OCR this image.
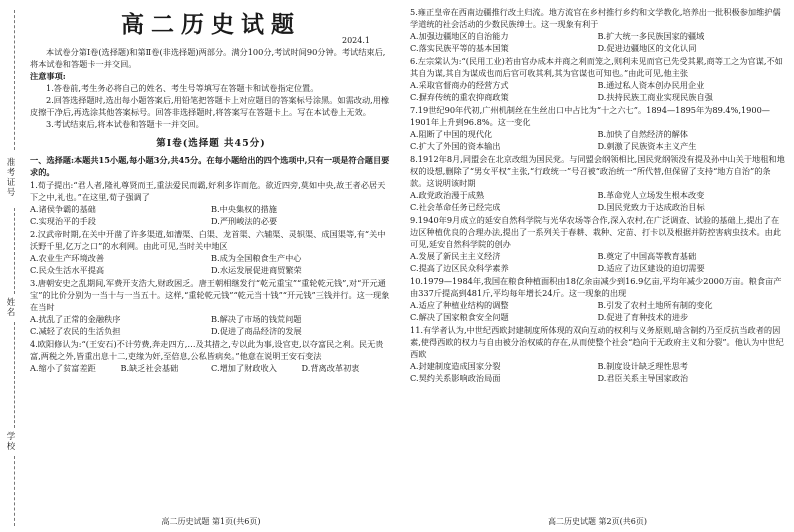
准考证号
姓名
学校
高二历史试题
2024.1

本试卷分第Ⅰ卷(选择题)和第Ⅱ卷(非选择题)两部分。满分100分,考试时间90分钟。考试结束后,将本试卷和答题卡一并交回。

注意事项:

1.答卷前,考生务必将自己的姓名、考生号等填写在答题卡和试卷指定位置。

2.回答选择题时,选出每小题答案后,用铅笔把答题卡上对应题目的答案标号涂黑。如需改动,用橡皮擦干净后,再选涂其他答案标号。回答非选择题时,将答案写在答题卡上。写在本试卷上无效。

3.考试结束后,将本试卷和答题卡一并交回。

第Ⅰ卷(选择题 共45分)

一、选择题:本题共15小题,每小题3分,共45分。在每小题给出的四个选项中,只有一项是符合题目要求的。

1.荀子提出:“君人者,隆礼尊贤而王,重法爱民而霸,好利多诈而危。欲近四旁,莫如中央,故王者必居天下之中,礼也。”在这里,荀子强调了

A.诸侯争霸的基础	B.中央集权的措施
C.实现治平的手段	D.严刑峻法的必要

2.汉武帝时期,在关中开凿了许多渠道,如漕渠、白渠、龙首渠、六辅渠、灵轵渠、成国渠等,有“关中沃野千里,亿万之口”的水利网。由此可见,当时关中地区

A.农业生产环境改善	B.成为全国粮食生产中心
C.民众生活水平提高	D.水运发展促进商贸繁荣

3.唐朝安史之乱期间,军费开支浩大,财政困乏。唐王朝相继发行“乾元重宝”“重轮乾元钱”,对“开元通宝”的比价分别为一当十与一当五十。这样,“重轮乾元钱”“乾元当十钱”“开元钱”三钱并行。这一现象在当时

A.扰乱了正常的金融秩序	B.解决了市场的钱荒问题
C.减轻了农民的生活负担	D.促进了商品经济的发展

4.欧阳修认为:“(王安石)不计劳费,奔走四方,…及其措之,专以此为事,设官吏,以夺富民之利。民无贵富,两税之外,皆重出息十二,吏缘为奸,至倍息,公私皆病矣。”他意在说明王安石变法

A.缩小了贫富差距	B.缺乏社会基础	C.增加了财政收入	D.背离改革初衷
高二历史试题 第1页(共6页)

5.雍正皇帝在西南边疆推行改土归流。地方流官在乡村推行乡约和文学教化,培养出一批积极参加维护儒学道统的社会活动的少数民族绅士。这一现象有利于

A.加强边疆地区的自治能力	B.扩大统一多民族国家的疆域
C.落实民族平等的基本国策	D.促进边疆地区的文化认同

6.左宗棠认为:“(民用工业)若由官办成本并商之利而笼之,则利未见而官已先受其累,商等工之为官谋,不如其自为谋,其自为谋成也而后官可收其利,其为官谋也可知也。”由此可见,他主张

A.采取官督商办的经营方式	B.通过私人资本创办民用企业
C.摒弃传统的重农抑商政策	D.扶持民族工商业实现民族自强

7.19世纪90年代初,广州机制丝在生丝出口中占比为“十之六七”。1894—1895年为89.4%,1900—1901年上升到96.8%。这一变化

A.阻断了中国的现代化	B.加快了自然经济的解体
C.扩大了外国的资本输出	D.刺激了民族资本主义产生

8.1912年8月,同盟会在北京改组为国民党。与同盟会纲领相比,国民党纲领没有提及孙中山关于地租和地权的设想,删除了“男女平权”主张,“行政统一”号召被“政治统一”所代替,但保留了支持“地方自治”的条款。这说明该时期

A.政党政治漫于成熟	B.革命党人立场发生根本改变
C.社会革命任务已经完成	D.国民党致力于达成政治目标

9.1940年9月成立的延安自然科学院与光华农场等合作,深入农村,在广泛调查、试验的基础上,提出了在边区种植优良的合理办法,提出了一系列关于春耕、栽种、定苗、打卡以及根据并防控害病虫技术。由此可见,延安自然科学院的创办

A.发展了新民主主义经济	B.奠定了中国高等教育基础
C.提高了边区民众科学素养	D.适应了边区建设的迫切需要

10.1979—1984年,我国在粮食种植面积由18亿余亩减少到16.9亿亩,平均年减少2000万亩。粮食亩产由337斤提高到481斤,平均每年增长24斤。这一现象的出现

A.适应了种植业结构的调整	B.引发了农村土地所有制的变化
C.解决了国家粮食安全问题	D.促进了育种技术的进步

11.有学者认为,中世纪西欧封建制度所体现的双向互动的权利与义务原则,暗含制约乃至反抗当政者的因素,使得西欧的权力与自由被分治权威的存在,从而使整个社会“趋向于无政府主义和分裂”。他认为中世纪西欧

A.封建制度造成国家分裂	B.制度设计缺乏理性思考
C.契约关系影响政治局面	D.君臣关系主导国家政治
高二历史试题 第2页(共6页)
